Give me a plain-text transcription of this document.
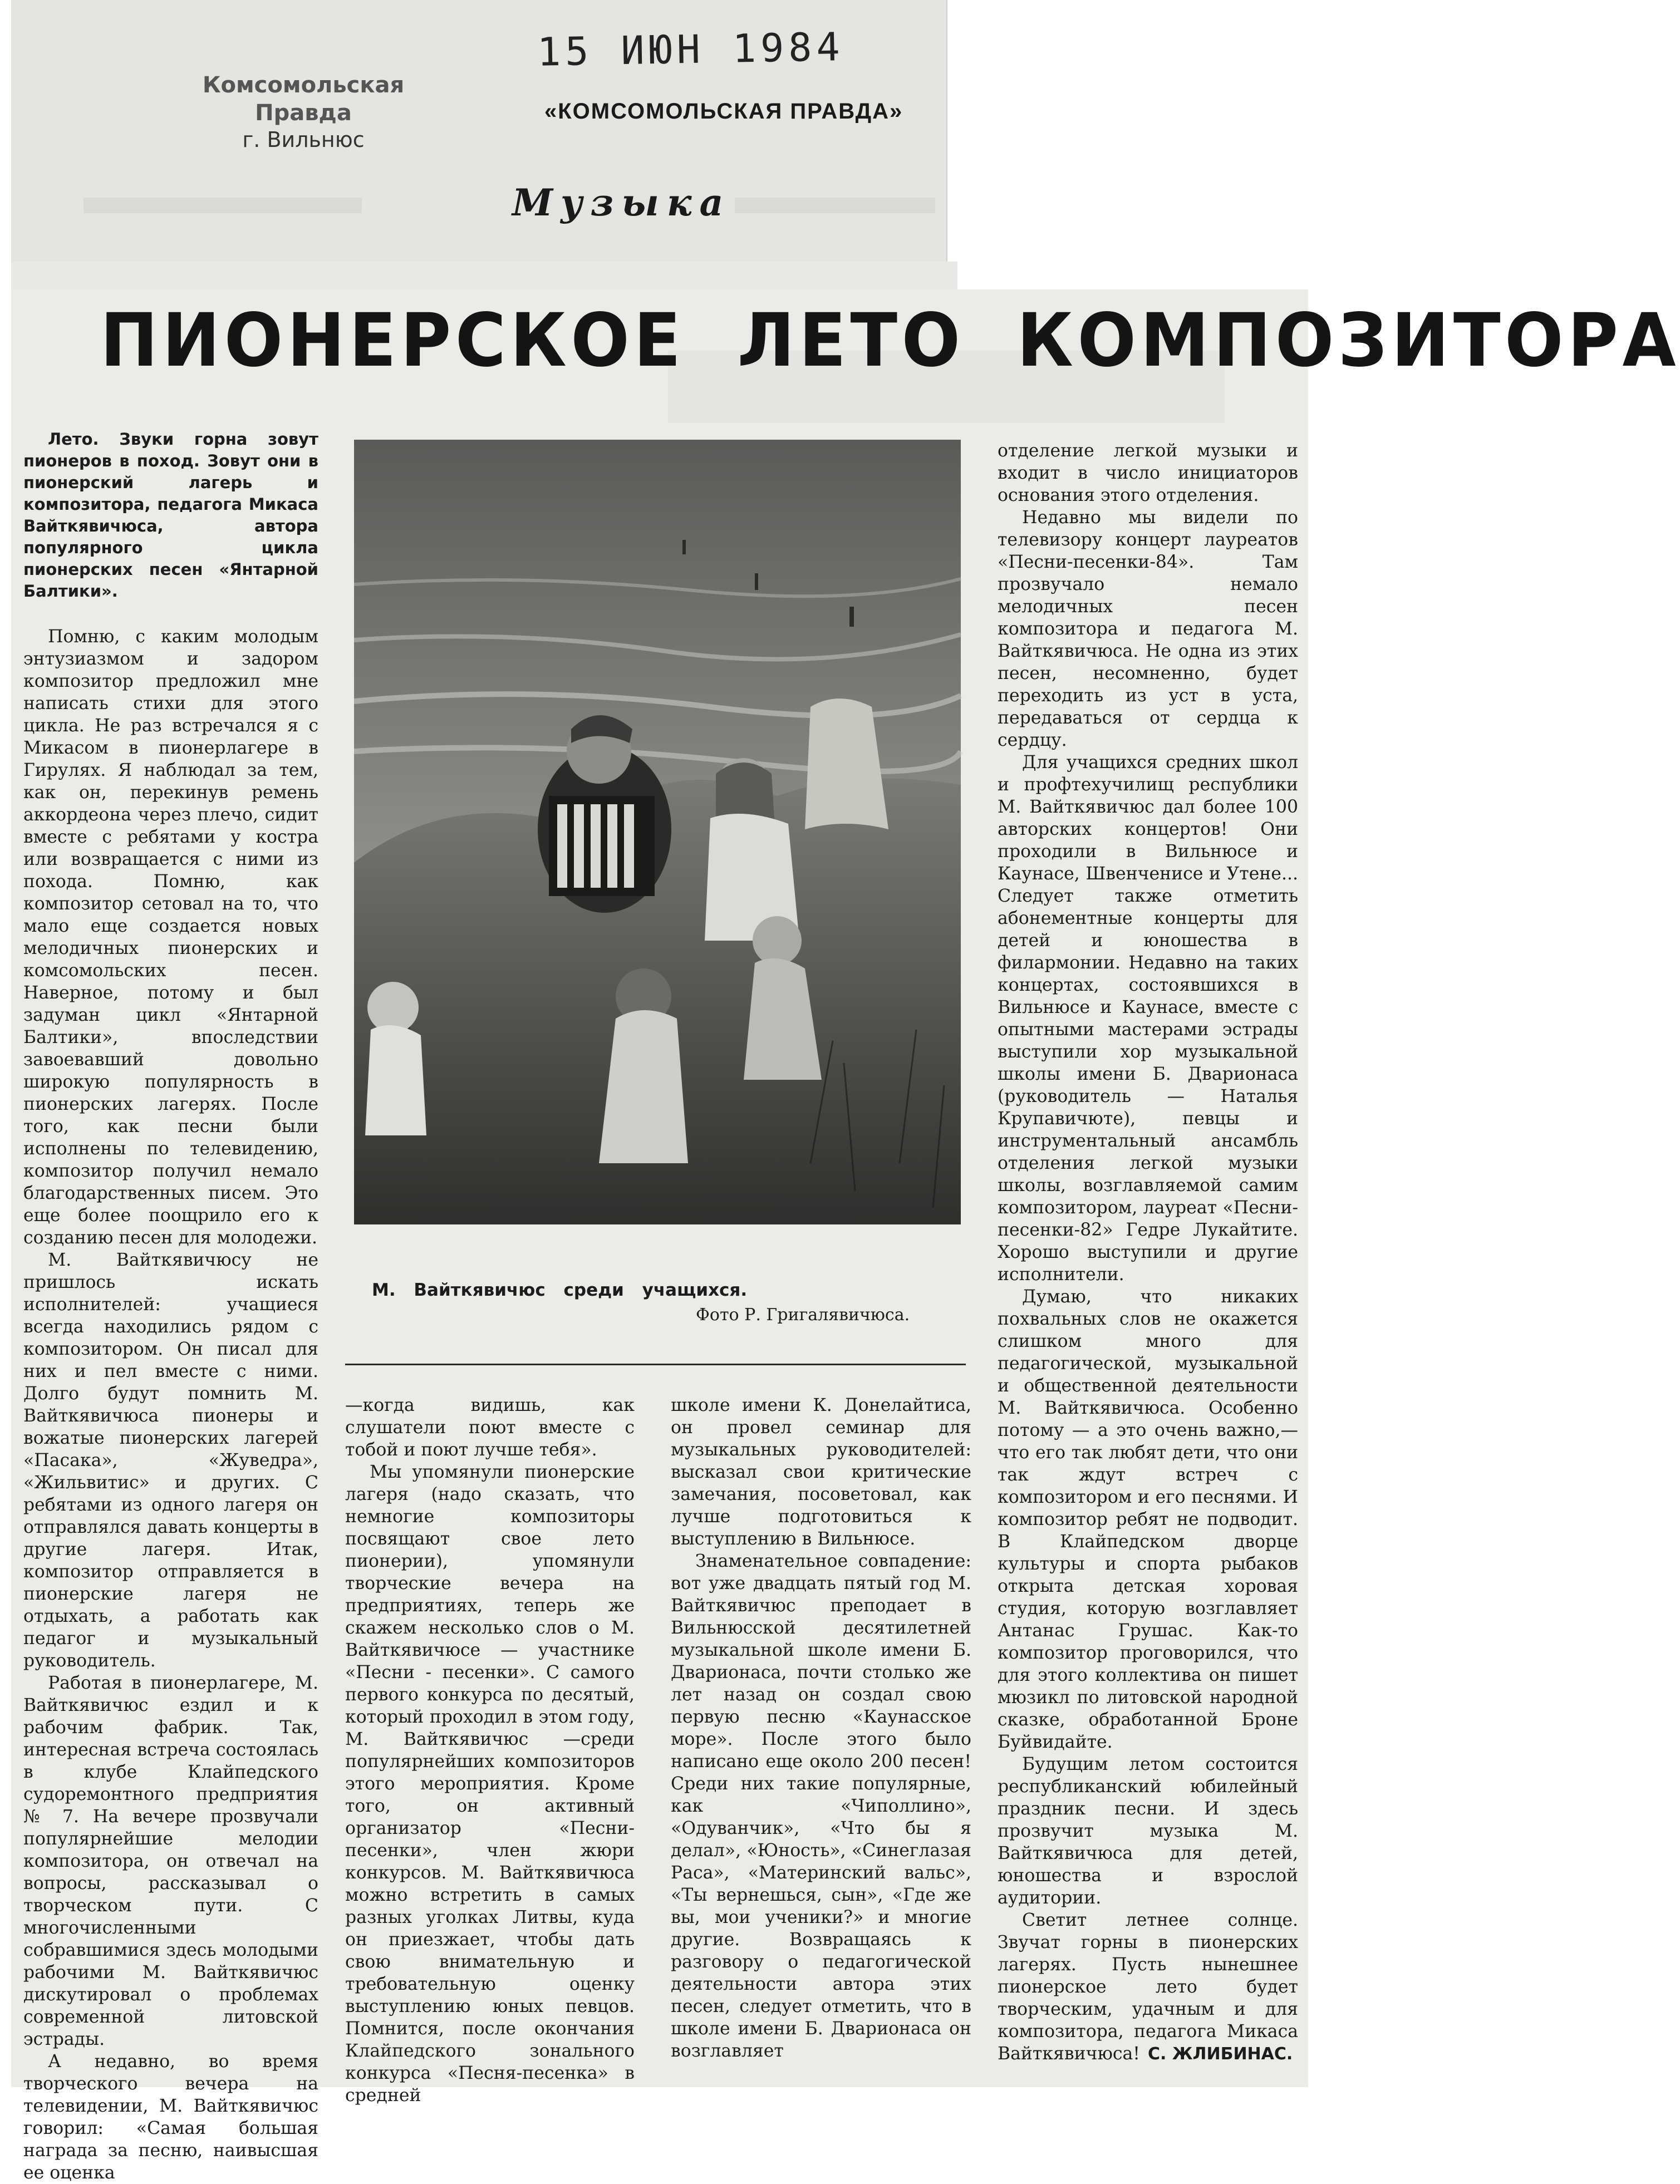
15 ИЮН 1984
Комсомольская Правда
г. Вильнюс
«КОМСОМОЛЬСКАЯ ПРАВДА»
Музыка
ПИОНЕРСКОЕ ЛЕТО КОМПОЗИТОРА

Лето. Звуки горна зовут пионеров в поход. Зовут они в пионерский лагерь и композитора, педагога Микаса Вайткявичюса, автора популярного цикла пионерских песен «Янтарной Балтики».

Помню, с каким молодым энтузиазмом и задором композитор предложил мне написать стихи для этого цикла. Не раз встречался я с Микасом в пионерлагере в Гирулях. Я наблюдал за тем, как он, перекинув ремень аккордеона через плечо, сидит вместе с ребятами у костра или возвращается с ними из похода. Помню, как композитор сетовал на то, что мало еще создается новых мелодичных пионерских и комсомольских песен. Наверное, потому и был задуман цикл «Янтарной Балтики», впоследствии завоевавший довольно широкую популярность в пионерских лагерях. После того, как песни были исполнены по телевидению, композитор получил немало благодарственных писем. Это еще более поощрило его к созданию песен для молодежи.

М. Вайткявичюсу не пришлось искать исполнителей: учащиеся всегда находились рядом с композитором. Он писал для них и пел вместе с ними. Долго будут помнить М. Вайткявичюса пионеры и вожатые пионерских лагерей «Пасака», «Жуведра», «Жильвитис» и других. С ребятами из одного лагеря он отправлялся давать концерты в другие лагеря. Итак, композитор отправляется в пионерские лагеря не отдыхать, а работать как педагог и музыкальный руководитель.

Работая в пионерлагере, М. Вайткявичюс ездил и к рабочим фабрик. Так, интересная встреча состоялась в клубе Клайпедского судоремонтного предприятия № 7. На вечере прозвучали популярнейшие мелодии композитора, он отвечал на вопросы, рассказывал о творческом пути. С многочисленными собравшимися здесь молодыми рабочими М. Вайткявичюс дискутировал о проблемах современной литовской эстрады.

А недавно, во время творческого вечера на телевидении, М. Вайткявичюс говорил: «Самая большая награда за песню, наивысшая ее оценка

М. Вайткявичюс среди учащихся.
Фото Р. Григалявичюса.

—когда видишь, как слушатели поют вместе с тобой и поют лучше тебя».

Мы упомянули пионерские лагеря (надо сказать, что немногие композиторы посвящают свое лето пионерии), упомянули творческие вечера на предприятиях, теперь же скажем несколько слов о М. Вайткявичюсе — участнике «Песни - песенки». С самого первого конкурса по десятый, который проходил в этом году, М. Вайткявичюс —среди популярнейших композиторов этого мероприятия. Кроме того, он активный организатор «Песни-песенки», член жюри конкурсов. М. Вайткявичюса можно встретить в самых разных уголках Литвы, куда он приезжает, чтобы дать свою внимательную и требовательную оценку выступлению юных певцов. Помнится, после окончания Клайпедского зонального конкурса «Песня-песенка» в средней

школе имени К. Донелайтиса, он провел семинар для музыкальных руководителей: высказал свои критические замечания, посоветовал, как лучше подготовиться к выступлению в Вильнюсе.

Знаменательное совпадение: вот уже двадцать пятый год М. Вайткявичюс преподает в Вильнюсской десятилетней музыкальной школе имени Б. Дварионаса, почти столько же лет назад он создал свою первую песню «Каунасское море». После этого было написано еще около 200 песен! Среди них такие популярные, как «Чиполлино», «Одуванчик», «Что бы я делал», «Юность», «Синеглазая Раса», «Материнский вальс», «Ты вернешься, сын», «Где же вы, мои ученики?» и многие другие. Возвращаясь к разговору о педагогической деятельности автора этих песен, следует отметить, что в школе имени Б. Дварионаса он возглавляет

отделение легкой музыки и входит в число инициаторов основания этого отделения.

Недавно мы видели по телевизору концерт лауреатов «Песни-песенки-84». Там прозвучало немало мелодичных песен композитора и педагога М. Вайткявичюса. Не одна из этих песен, несомненно, будет переходить из уст в уста, передаваться от сердца к сердцу.

Для учащихся средних школ и профтехучилищ республики М. Вайткявичюс дал более 100 авторских концертов! Они проходили в Вильнюсе и Каунасе, Швенченисе и Утене... Следует также отметить абонементные концерты для детей и юношества в филармонии. Недавно на таких концертах, состоявшихся в Вильнюсе и Каунасе, вместе с опытными мастерами эстрады выступили хор музыкальной школы имени Б. Дварионаса (руководитель — Наталья Крупавичюте), певцы и инструментальный ансамбль отделения легкой музыки школы, возглавляемой самим композитором, лауреат «Песни-песенки-82» Гедре Лукайтите. Хорошо выступили и другие исполнители.

Думаю, что никаких похвальных слов не окажется слишком много для педагогической, музыкальной и общественной деятельности М. Вайткявичюса. Особенно потому — а это очень важно,— что его так любят дети, что они так ждут встреч с композитором и его песнями. И композитор ребят не подводит. В Клайпедском дворце культуры и спорта рыбаков открыта детская хоровая студия, которую возглавляет Антанас Грушас. Как-то композитор проговорился, что для этого коллектива он пишет мюзикл по литовской народной сказке, обработанной Броне Буйвидайте.

Будущим летом состоится республиканский юбилейный праздник песни. И здесь прозвучит музыка М. Вайткявичюса для детей, юношества и взрослой аудитории.

Светит летнее солнце. Звучат горны в пионерских лагерях. Пусть нынешнее пионерское лето будет творческим, удачным и для композитора, педагога Микаса Вайткявичюса! С. ЖЛИБИНАС.
